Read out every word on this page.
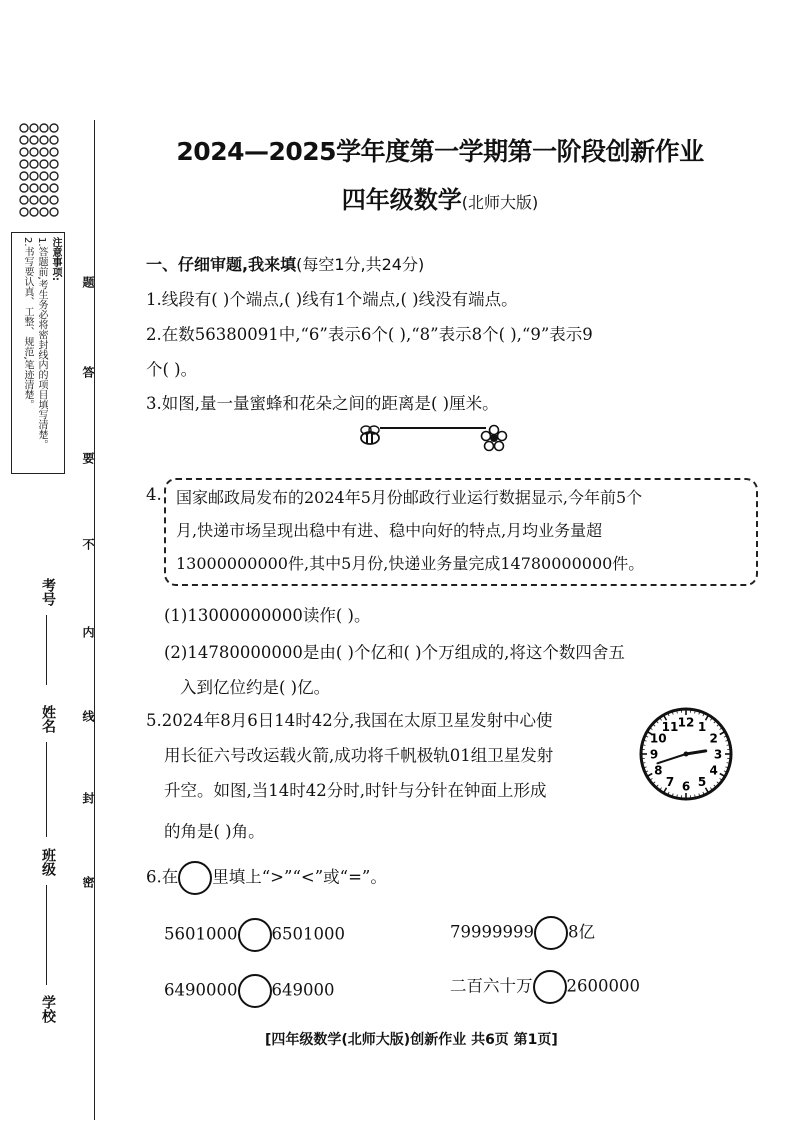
注意事项:
1.答题前,考生务必将密封线内的项目填写清楚。
2.书写要认真、工整、规范,笔迹清楚。
考号
姓名
班级
学校
题
答
要
不
内
线
封
密
2024—2025学年度第一学期第一阶段创新作业
四年级数学(北师大版)
一、仔细审题,我来填(每空1分,共24分)
1.线段有( )个端点,( )线有1个端点,( )线没有端点。
2.在数56380091中,“6”表示6个( ),“8”表示8个( ),“9”表示9
个( )。
3.如图,量一量蜜蜂和花朵之间的距离是( )厘米。
4. 国家邮政局发布的2024年5月份邮政行业运行数据显示,今年前5个
月,快递市场呈现出稳中有进、稳中向好的特点,月均业务量超
13000000000件,其中5月份,快递业务量完成14780000000件。
(1)13000000000读作( )。
(2)14780000000是由( )个亿和( )个万组成的,将这个数四舍五
入到亿位约是( )亿。
5.2024年8月6日14时42分,我国在太原卫星发射中心使
用长征六号改运载火箭,成功将千帆极轨01组卫星发射
升空。如图,当14时42分时,时针与分针在钟面上形成
的角是( )角。
12 1
2
3
4
5
6
7
8
9
10
11
6.在 里填上“>”“<”或“=”。
5601000 6501000	79999999 8亿
6490000 649000	二百六十万 2600000
[四年级数学(北师大版)创新作业 共6页 第1页]
